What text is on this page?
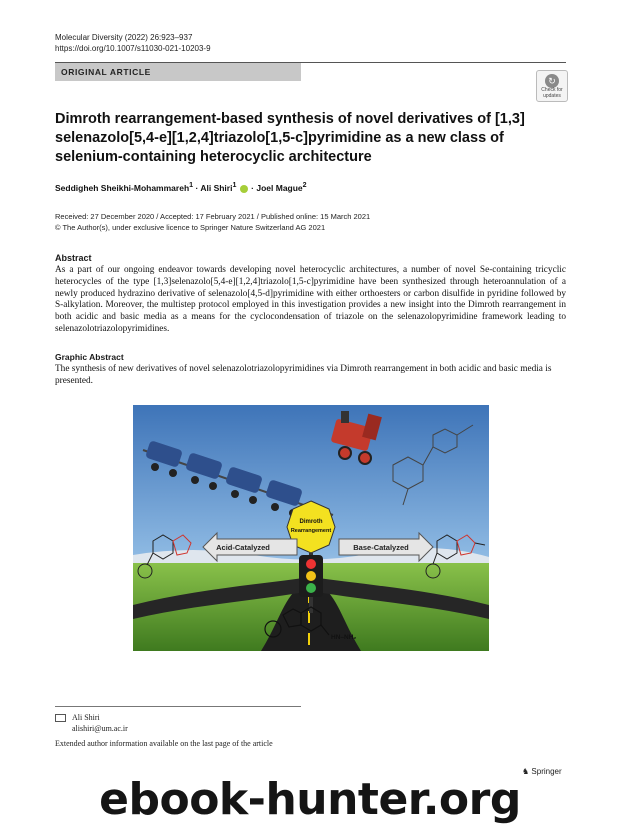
Molecular Diversity (2022) 26:923–937
https://doi.org/10.1007/s11030-021-10203-9
ORIGINAL ARTICLE
↻
Check for
updates
Dimroth rearrangement-based synthesis of novel derivatives of [1,3] selenazolo[5,4-e][1,2,4]triazolo[1,5-c]pyrimidine as a new class of selenium-containing heterocyclic architecture
Seddigheh Sheikhi-Mohammareh$^1$ · Ali Shiri$^1$ · Joel Mague$^2$
Received: 27 December 2020 / Accepted: 17 February 2021 / Published online: 15 March 2021
© The Author(s), under exclusive licence to Springer Nature Switzerland AG 2021
Abstract
As a part of our ongoing endeavor towards developing novel heterocyclic architectures, a number of novel Se-containing tricyclic heterocycles of the type [1,3]selenazolo[5,4-e][1,2,4]triazolo[1,5-c]pyrimidine have been synthesized through heteroannulation of a newly produced hydrazino derivative of selenazolo[4,5-d]pyrimidine with either orthoesters or carbon disulfide in pyridine followed by S-alkylation. Moreover, the multistep protocol employed in this investigation provides a new insight into the Dimroth rearrangement in both acidic and basic media as a means for the cyclocondensation of triazole on the selenazolopyrimidine framework leading to selenazolotriazolopyrimidines.
Graphic Abstract
The synthesis of new derivatives of novel selenazolotriazolopyrimidines via Dimroth rearrangement in both acidic and basic media is presented.
Dimroth
Rearrangement
Acid-Catalyzed	Base-Catalyzed
HN–NH₂
Ali Shiri
alishiri@um.ac.ir
Extended author information available on the last page of the article
♞ Springer
ebook-hunter.org
